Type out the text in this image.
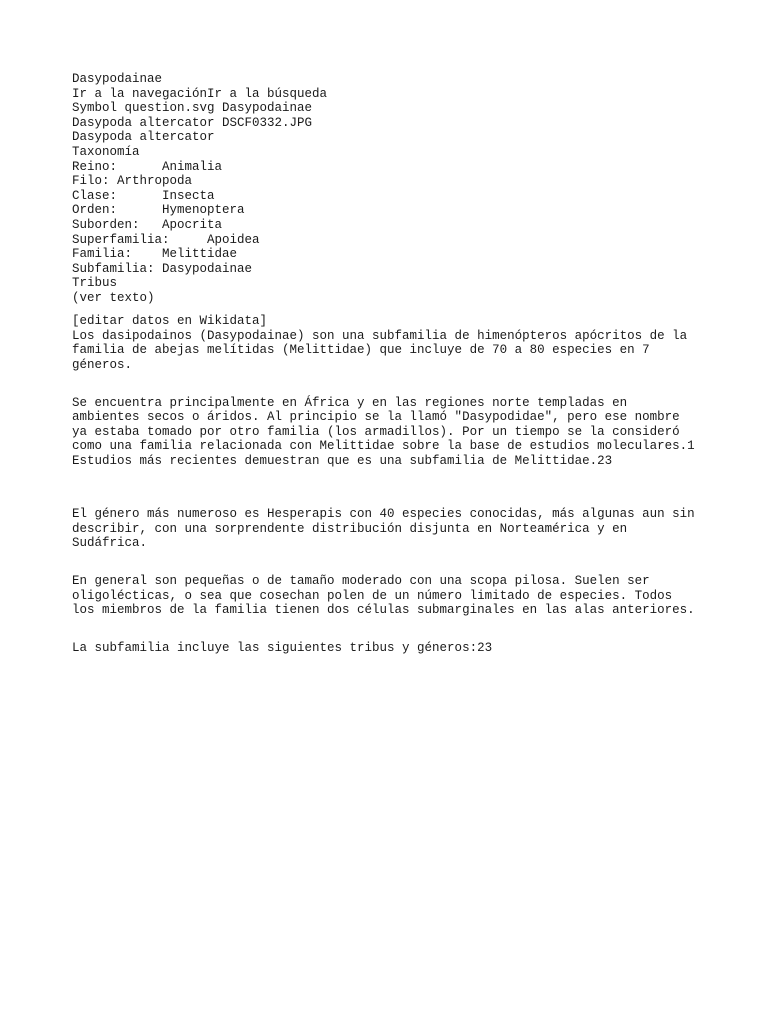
Dasypodainae
Ir a la navegaciónIr a la búsqueda
Symbol question.svg Dasypodainae
Dasypoda altercator DSCF0332.JPG
Dasypoda altercator
Taxonomía
Reino:      Animalia
Filo: Arthropoda
Clase:      Insecta
Orden:      Hymenoptera
Suborden:   Apocrita
Superfamilia:     Apoidea
Familia:    Melittidae
Subfamilia: Dasypodainae
Tribus
(ver texto)
[editar datos en Wikidata]
Los dasipodainos (Dasypodainae) son una subfamilia de himenópteros apócritos de la
familia de abejas melítidas (Melittidae) que incluye de 70 a 80 especies en 7
géneros.
Se encuentra principalmente en África y en las regiones norte templadas en
ambientes secos o áridos. Al principio se la llamó "Dasypodidae", pero ese nombre
ya estaba tomado por otro familia (los armadillos). Por un tiempo se la consideró
como una familia relacionada con Melittidae sobre la base de estudios moleculares.1
Estudios más recientes demuestran que es una subfamilia de Melittidae.23
El género más numeroso es Hesperapis con 40 especies conocidas, más algunas aun sin
describir, con una sorprendente distribución disjunta en Norteamérica y en
Sudáfrica.
En general son pequeñas o de tamaño moderado con una scopa pilosa. Suelen ser
oligolécticas, o sea que cosechan polen de un número limitado de especies. Todos
los miembros de la familia tienen dos células submarginales en las alas anteriores.
La subfamilia incluye las siguientes tribus y géneros:23
